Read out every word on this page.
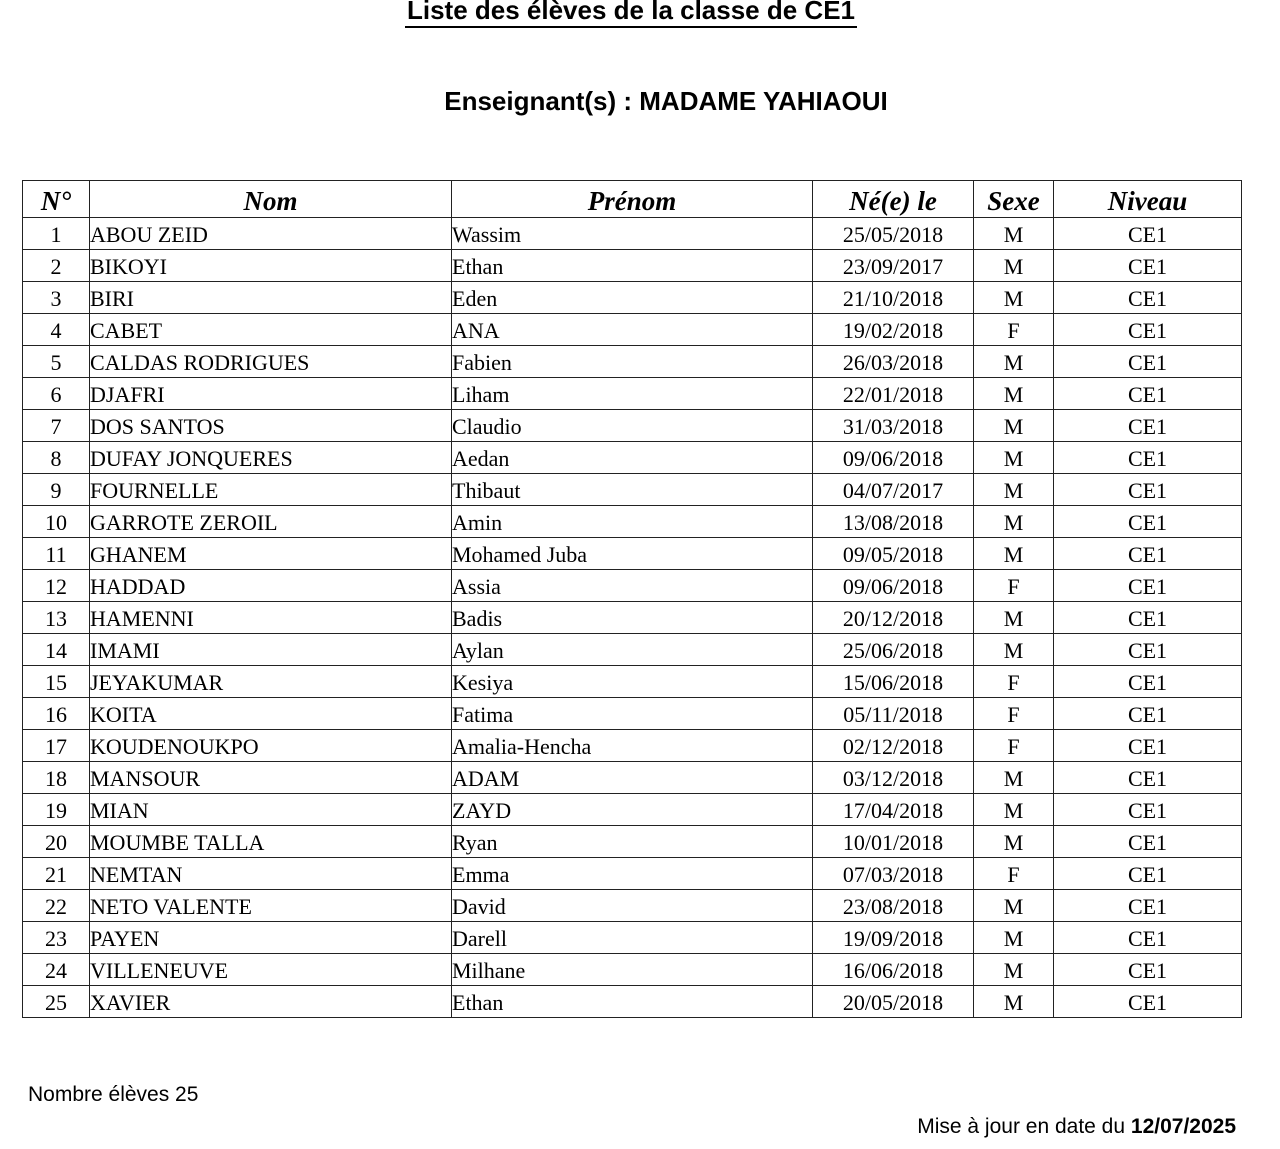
Liste des élèves de la classe de CE1
Enseignant(s) : MADAME YAHIAOUI
N°	Nom	Prénom	Né(e) le	Sexe	Niveau
1	ABOU ZEID	Wassim	25/05/2018	M	CE1
2	BIKOYI	Ethan	23/09/2017	M	CE1
3	BIRI	Eden	21/10/2018	M	CE1
4	CABET	ANA	19/02/2018	F	CE1
5	CALDAS RODRIGUES	Fabien	26/03/2018	M	CE1
6	DJAFRI	Liham	22/01/2018	M	CE1
7	DOS SANTOS	Claudio	31/03/2018	M	CE1
8	DUFAY JONQUERES	Aedan	09/06/2018	M	CE1
9	FOURNELLE	Thibaut	04/07/2017	M	CE1
10	GARROTE ZEROIL	Amin	13/08/2018	M	CE1
11	GHANEM	Mohamed Juba	09/05/2018	M	CE1
12	HADDAD	Assia	09/06/2018	F	CE1
13	HAMENNI	Badis	20/12/2018	M	CE1
14	IMAMI	Aylan	25/06/2018	M	CE1
15	JEYAKUMAR	Kesiya	15/06/2018	F	CE1
16	KOITA	Fatima	05/11/2018	F	CE1
17	KOUDENOUKPO	Amalia-Hencha	02/12/2018	F	CE1
18	MANSOUR	ADAM	03/12/2018	M	CE1
19	MIAN	ZAYD	17/04/2018	M	CE1
20	MOUMBE TALLA	Ryan	10/01/2018	M	CE1
21	NEMTAN	Emma	07/03/2018	F	CE1
22	NETO VALENTE	David	23/08/2018	M	CE1
23	PAYEN	Darell	19/09/2018	M	CE1
24	VILLENEUVE	Milhane	16/06/2018	M	CE1
25	XAVIER	Ethan	20/05/2018	M	CE1
Nombre élèves 25
Mise à jour en date du 12/07/2025
